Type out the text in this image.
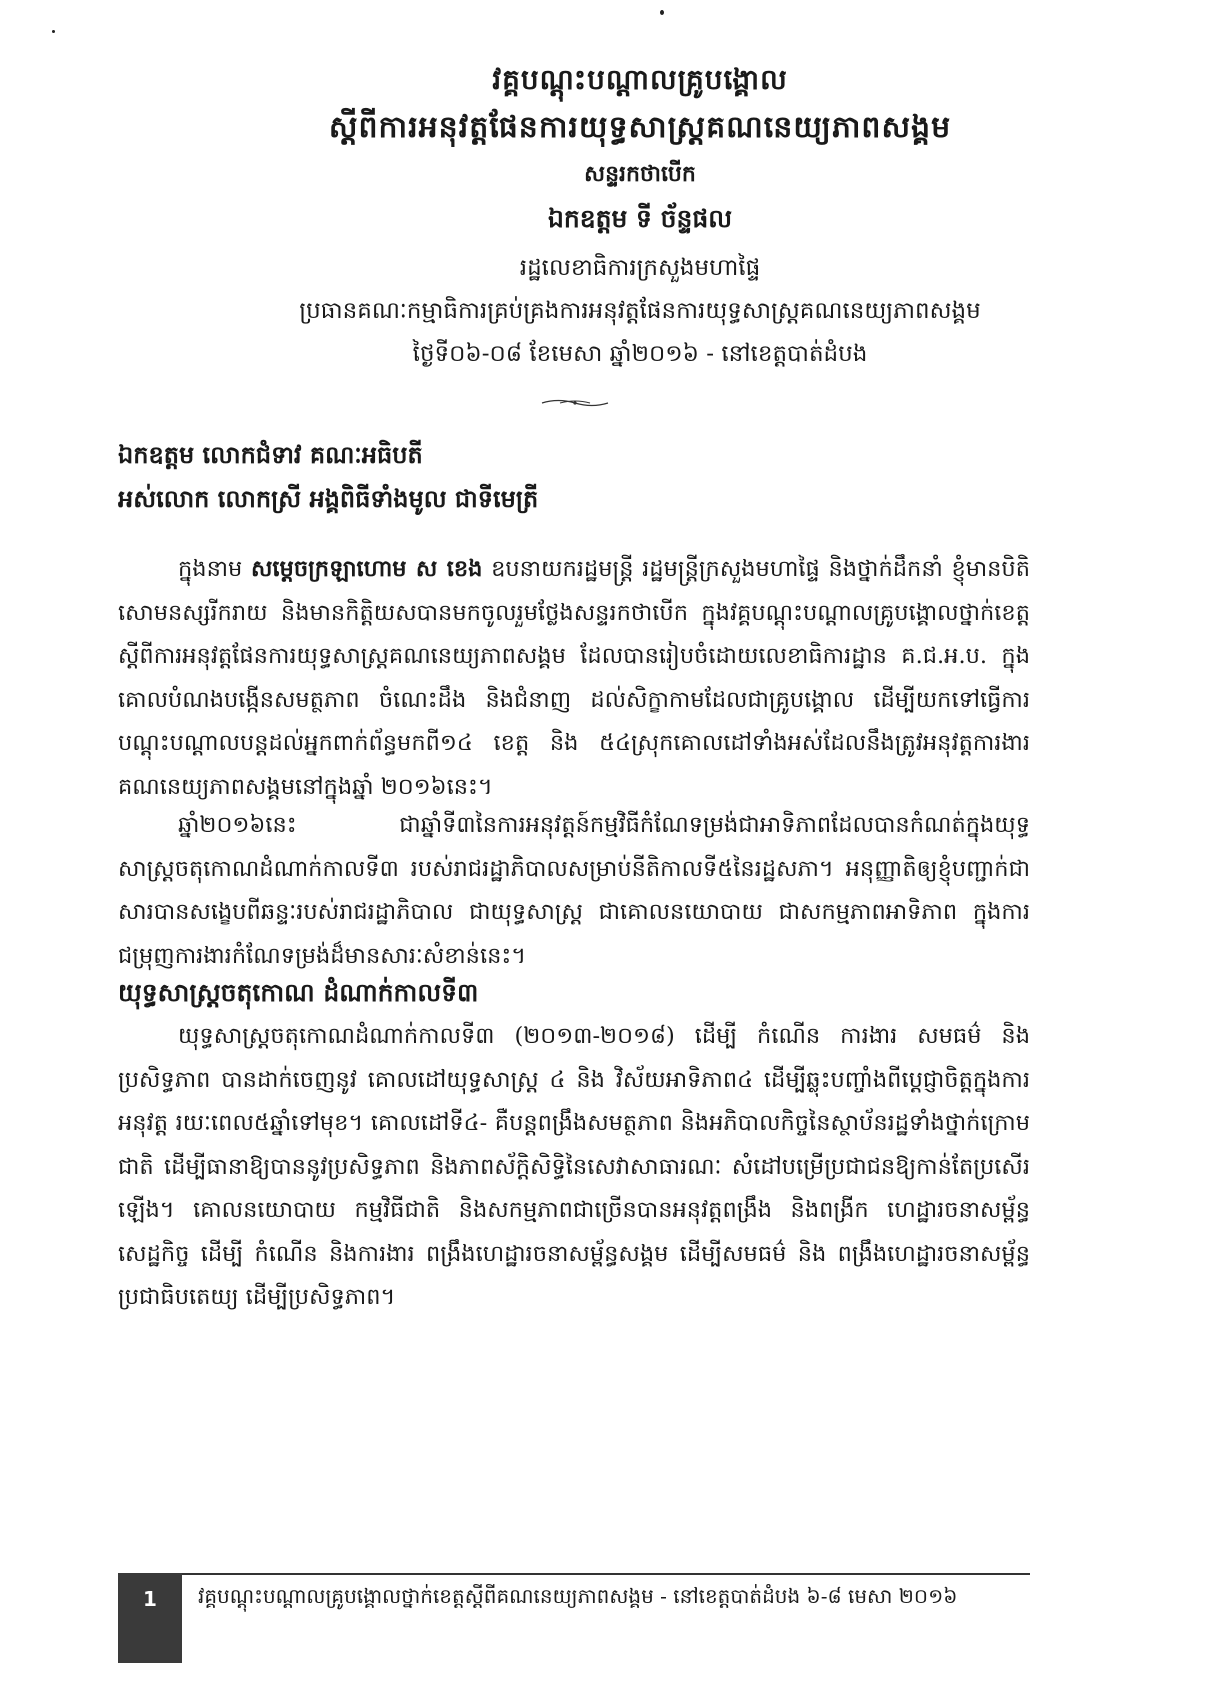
វគ្គបណ្តុះបណ្តាលគ្រូបង្គោល
ស្តីពីការអនុវត្តផែនការយុទ្ធសាស្ត្រគណនេយ្យភាពសង្គម
សន្ទរកថាបើក
ឯកឧត្តម ទី ច័ន្ទផល
រដ្ឋលេខាធិការក្រសួងមហាផ្ទៃ
ប្រធានគណៈកម្មាធិការគ្រប់គ្រងការអនុវត្តផែនការយុទ្ធសាស្ត្រគណនេយ្យភាពសង្គម
ថ្ងៃទី០៦-០៨ ខែមេសា ឆ្នាំ២០១៦ - នៅខេត្តបាត់ដំបង
ឯកឧត្តម លោកជំទាវ គណៈអធិបតី
អស់លោក លោកស្រី អង្គពិធីទាំងមូល ជាទីមេត្រី

ក្នុងនាម សម្តេចក្រឡាហោម ស ខេង ឧបនាយករដ្ឋមន្ត្រី រដ្ឋមន្ត្រីក្រសួងមហាផ្ទៃ និងថ្នាក់ដឹកនាំ ខ្ញុំមានបិតិសោមនស្សរីករាយ និងមានកិត្តិយសបានមកចូលរួមថ្លែងសន្ទរកថាបើក ក្នុងវគ្គបណ្តុះបណ្តាលគ្រូបង្គោលថ្នាក់ខេត្ត ស្តីពីការអនុវត្តផែនការយុទ្ធសាស្ត្រគណនេយ្យភាពសង្គម ដែលបានរៀបចំដោយលេខាធិការដ្ឋាន គ.ជ.អ.ប. ក្នុងគោលបំណងបង្កើនសមត្ថភាព ចំណេះដឹង និងជំនាញ ដល់សិក្ខាកាមដែលជាគ្រូបង្គោល ដើម្បីយកទៅធ្វើការបណ្តុះបណ្តាលបន្តដល់អ្នកពាក់ព័ន្ធមកពី១៤ ខេត្ត និង ៥៤ស្រុកគោលដៅទាំងអស់ដែលនឹងត្រូវអនុវត្តការងារគណនេយ្យភាពសង្គមនៅក្នុងឆ្នាំ ២០១៦នេះ។

ឆ្នាំ២០១៦នេះ ជាឆ្នាំទី៣នៃការអនុវត្តន៍កម្មវិធីកំណែទម្រង់ជាអាទិភាពដែលបានកំណត់ក្នុងយុទ្ធសាស្ត្រចតុកោណដំណាក់កាលទី៣ របស់រាជរដ្ឋាភិបាលសម្រាប់នីតិកាលទី៥នៃរដ្ឋសភា។ អនុញ្ញាតិឲ្យខ្ញុំបញ្ជាក់ជាសារបានសង្ខេបពីឆន្ទៈរបស់រាជរដ្ឋាភិបាល ជាយុទ្ធសាស្ត្រ ជាគោលនយោបាយ ជាសកម្មភាពអាទិភាព ក្នុងការជម្រុញការងារកំណែទម្រង់ដ៏មានសារៈសំខាន់នេះ។

យុទ្ធសាស្ត្រចតុកោណ ដំណាក់កាលទី៣

យុទ្ធសាស្ត្រចតុកោណដំណាក់កាលទី៣ (២០១៣-២០១៨) ដើម្បី កំណើន ការងារ សមធម៌ និង ប្រសិទ្ធភាព បានដាក់ចេញនូវ គោលដៅយុទ្ធសាស្ត្រ ៤ និង វិស័យអាទិភាព៤ ដើម្បីឆ្លុះបញ្ចាំងពីប្តេជ្ញាចិត្តក្នុងការអនុវត្ត រយៈពេល៥ឆ្នាំទៅមុខ។ គោលដៅទី៤- គឺបន្តពង្រឹងសមត្ថភាព និងអភិបាលកិច្ចនៃស្ថាប័នរដ្ឋទាំងថ្នាក់ក្រោមជាតិ ដើម្បីធានាឱ្យបាននូវប្រសិទ្ធភាព និងភាពស័ក្តិសិទ្ធិនៃសេវាសាធារណៈ សំដៅបម្រើប្រជាជនឱ្យកាន់តែប្រសើរឡើង។ គោលនយោបាយ កម្មវិធីជាតិ និងសកម្មភាពជាច្រើនបានអនុវត្តពង្រឹង និងពង្រីក ហេដ្ឋារចនាសម្ព័ន្ធសេដ្ឋកិច្ច ដើម្បី កំណើន និងការងារ ពង្រឹងហេដ្ឋារចនាសម្ព័ន្ធសង្គម ដើម្បីសមធម៌ និង ពង្រឹងហេដ្ឋារចនាសម្ព័ន្ធប្រជាធិបតេយ្យ ដើម្បីប្រសិទ្ធភាព។

1	វគ្គបណ្តុះបណ្តាលគ្រូបង្គោលថ្នាក់ខេត្តស្តីពីគណនេយ្យភាពសង្គម - នៅខេត្តបាត់ដំបង ៦-៨ មេសា ២០១៦
